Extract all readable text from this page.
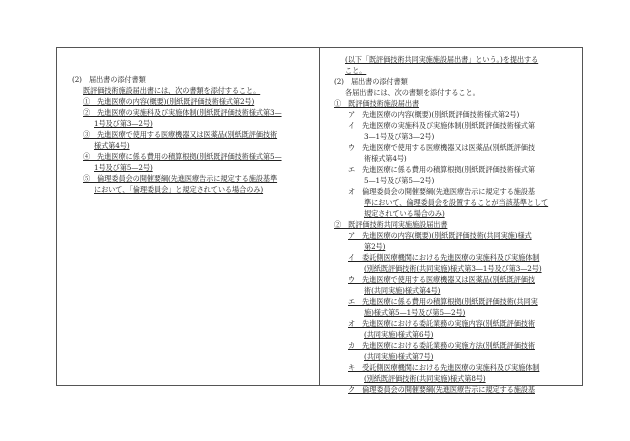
(2)　届出書の添付書類
既評価技術施設届出書には、次の書類を添付すること。
①　先進医療の内容(概要)(別紙既評価技術様式第2号)
②　先進医療の実施科及び実施体制(別紙既評価技術様式第3—
1号及び第3—2号)
③　先進医療で使用する医療機器又は医薬品(別紙既評価技術
様式第4号)
④　先進医療に係る費用の積算根拠(別紙既評価技術様式第5—
1号及び第5—2号)
⑤　倫理委員会の開催要綱(先進医療告示に規定する施設基準
において、「倫理委員会」と規定されている場合のみ)
(以下「既評価技術共同実施施設届出書」という。)を提出する
こと。
(2)　届出書の添付書類
各届出書には、次の書類を添付すること。
①　既評価技術施設届出書
ア　先進医療の内容(概要)(別紙既評価技術様式第2号)
イ　先進医療の実施科及び実施体制(別紙既評価技術様式第
3—1号及び第3—2号)
ウ　先進医療で使用する医療機器又は医薬品(別紙既評価技
術様式第4号)
エ　先進医療に係る費用の積算根拠(別紙既評価技術様式第
5—1号及び第5—2号)
オ　倫理委員会の開催要綱(先進医療告示に規定する施設基
準において、倫理委員会を設置することが当該基準として
規定されている場合のみ)
②　既評価技術共同実施施設届出書
ア　先進医療の内容(概要)(別紙既評価技術(共同実施)様式
第2号)
イ　委託側医療機関における先進医療の実施科及び実施体制
(別紙既評価技術(共同実施)様式第3—1号及び第3—2号)
ウ　先進医療で使用する医療機器又は医薬品(別紙既評価技
術(共同実施)様式第4号)
エ　先進医療に係る費用の積算根拠(別紙既評価技術(共同実
施)様式第5—1号及び第5—2号)
オ　先進医療における委託業務の実施内容(別紙既評価技術
(共同実施)様式第6号)
カ　先進医療における委託業務の実施方法(別紙既評価技術
(共同実施)様式第7号)
キ　受託側医療機関における先進医療の実施科及び実施体制
(別紙既評価技術(共同実施)様式第8号)
ク　倫理委員会の開催要綱(先進医療告示に規定する施設基
